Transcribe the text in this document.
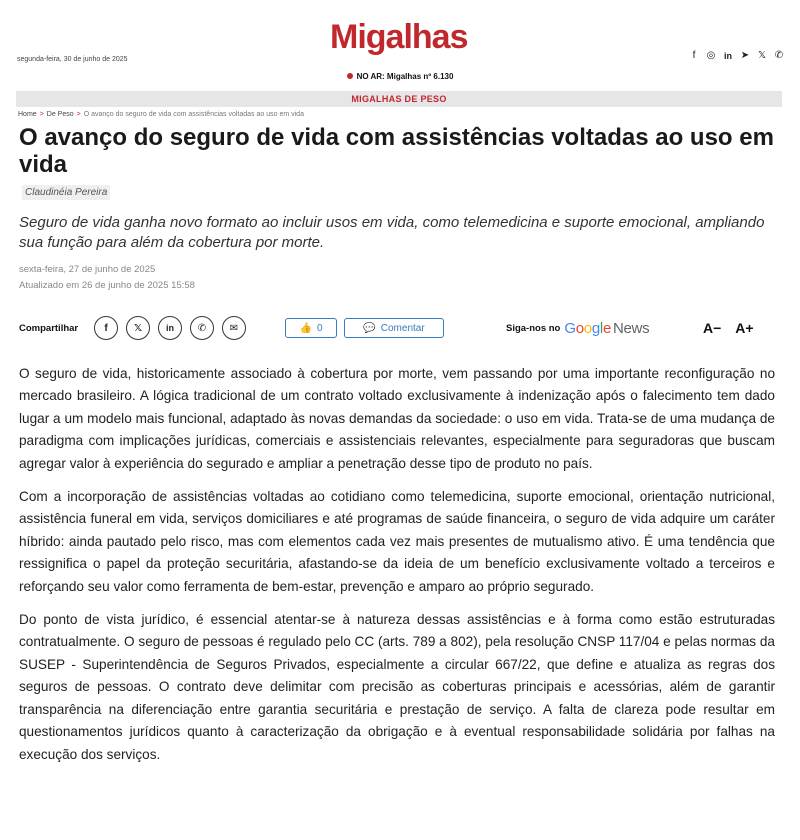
segunda-feira, 30 de junho de 2025
Migalhas	f	◎ in ➤ 𝕏 ✆
NO AR: Migalhas nº 6.130
MIGALHAS DE PESO
Home > De Peso > O avanço do seguro de vida com assistências voltadas ao uso em vida
O avanço do seguro de vida com assistências voltadas ao uso em vida
Claudinéia Pereira
Seguro de vida ganha novo formato ao incluir usos em vida, como telemedicina e suporte emocional, ampliando sua função para além da cobertura por morte.
sexta-feira, 27 de junho de 2025
Atualizado em 26 de junho de 2025 15:58
Compartilhar	f	𝕏	in ✆ ✉	👍 0	💬 Comentar	Siga-nos no Google News	A− A+

O seguro de vida, historicamente associado à cobertura por morte, vem passando por uma importante reconfiguração no mercado brasileiro. A lógica tradicional de um contrato voltado exclusivamente à indenização após o falecimento tem dado lugar a um modelo mais funcional, adaptado às novas demandas da sociedade: o uso em vida. Trata-se de uma mudança de paradigma com implicações jurídicas, comerciais e assistenciais relevantes, especialmente para seguradoras que buscam agregar valor à experiência do segurado e ampliar a penetração desse tipo de produto no país.

Com a incorporação de assistências voltadas ao cotidiano como telemedicina, suporte emocional, orientação nutricional, assistência funeral em vida, serviços domiciliares e até programas de saúde financeira, o seguro de vida adquire um caráter híbrido: ainda pautado pelo risco, mas com elementos cada vez mais presentes de mutualismo ativo. É uma tendência que ressignifica o papel da proteção securitária, afastando-se da ideia de um benefício exclusivamente voltado a terceiros e reforçando seu valor como ferramenta de bem-estar, prevenção e amparo ao próprio segurado.

Do ponto de vista jurídico, é essencial atentar-se à natureza dessas assistências e à forma como estão estruturadas contratualmente. O seguro de pessoas é regulado pelo CC (arts. 789 a 802), pela resolução CNSP 117/04 e pelas normas da SUSEP - Superintendência de Seguros Privados, especialmente a circular 667/22, que define e atualiza as regras dos seguros de pessoas. O contrato deve delimitar com precisão as coberturas principais e acessórias, além de garantir transparência na diferenciação entre garantia securitária e prestação de serviço. A falta de clareza pode resultar em questionamentos jurídicos quanto à caracterização da obrigação e à eventual responsabilidade solidária por falhas na execução dos serviços.
